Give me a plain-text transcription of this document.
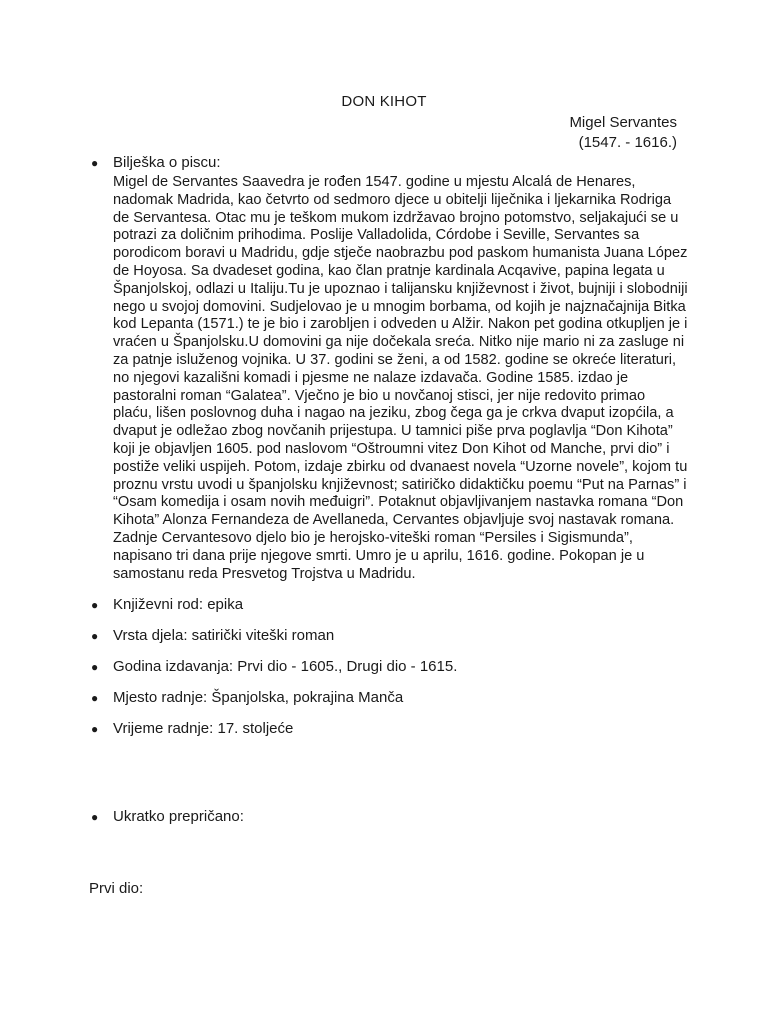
DON KIHOT
Migel Servantes
(1547. - 1616.)
● Bilješka o piscu:
Migel de Servantes Saavedra je rođen 1547. godine u mjestu Alcalá de Henares, nadomak Madrida, kao četvrto od sedmoro djece u obitelji liječnika i ljekarnika Rodriga de Servantesa. Otac mu je teškom mukom izdržavao brojno potomstvo, seljakajući se u potrazi za doličnim prihodima. Poslije Valladolida, Córdobe i Seville, Servantes sa porodicom boravi u Madridu, gdje stječe naobrazbu pod paskom humanista Juana López de Hoyosa. Sa dvadeset godina, kao član pratnje kardinala Acqavive, papina legata u Španjolskoj, odlazi u Italiju.Tu je upoznao i talijansku književnost i život, bujniji i slobodniji nego u svojoj domovini. Sudjelovao je u mnogim borbama, od kojih je najznačajnija Bitka kod Lepanta (1571.) te je bio i zarobljen i odveden u Alžir. Nakon pet godina otkupljen je i vraćen u Španjolsku.U domovini ga nije dočekala sreća. Nitko nije mario ni za zasluge ni za patnje isluženog vojnika. U 37. godini se ženi, a od 1582. godine se okreće literaturi, no njegovi kazališni komadi i pjesme ne nalaze izdavača. Godine 1585. izdao je pastoralni roman “Galatea”. Vječno je bio u novčanoj stisci, jer nije redovito primao plaću, lišen poslovnog duha i nagao na jeziku, zbog čega ga je crkva dvaput izopćila, a dvaput je odležao zbog novčanih prijestupa. U tamnici piše prva poglavlja “Don Kihota” koji je objavljen 1605. pod naslovom “Oštroumni vitez Don Kihot od Manche, prvi dio” i postiže veliki uspijeh. Potom, izdaje zbirku od dvanaest novela “Uzorne novele”, kojom tu proznu vrstu uvodi u španjolsku književnost; satiričko didaktičku poemu “Put na Parnas” i “Osam komedija i osam novih međuigri”. Potaknut objavljivanjem nastavka romana “Don Kihota” Alonza Fernandeza de Avellaneda, Cervantes objavljuje svoj nastavak romana. Zadnje Cervantesovo djelo bio je herojsko-viteški roman “Persiles i Sigismunda”, napisano tri dana prije njegove smrti. Umro je u aprilu, 1616. godine. Pokopan je u samostanu reda Presvetog Trojstva u Madridu.
● Književni rod: epika
● Vrsta djela: satirički viteški roman
● Godina izdavanja: Prvi dio - 1605., Drugi dio - 1615.
● Mjesto radnje: Španjolska, pokrajina Manča
● Vrijeme radnje: 17. stoljeće
● Ukratko prepričano:
Prvi dio:
